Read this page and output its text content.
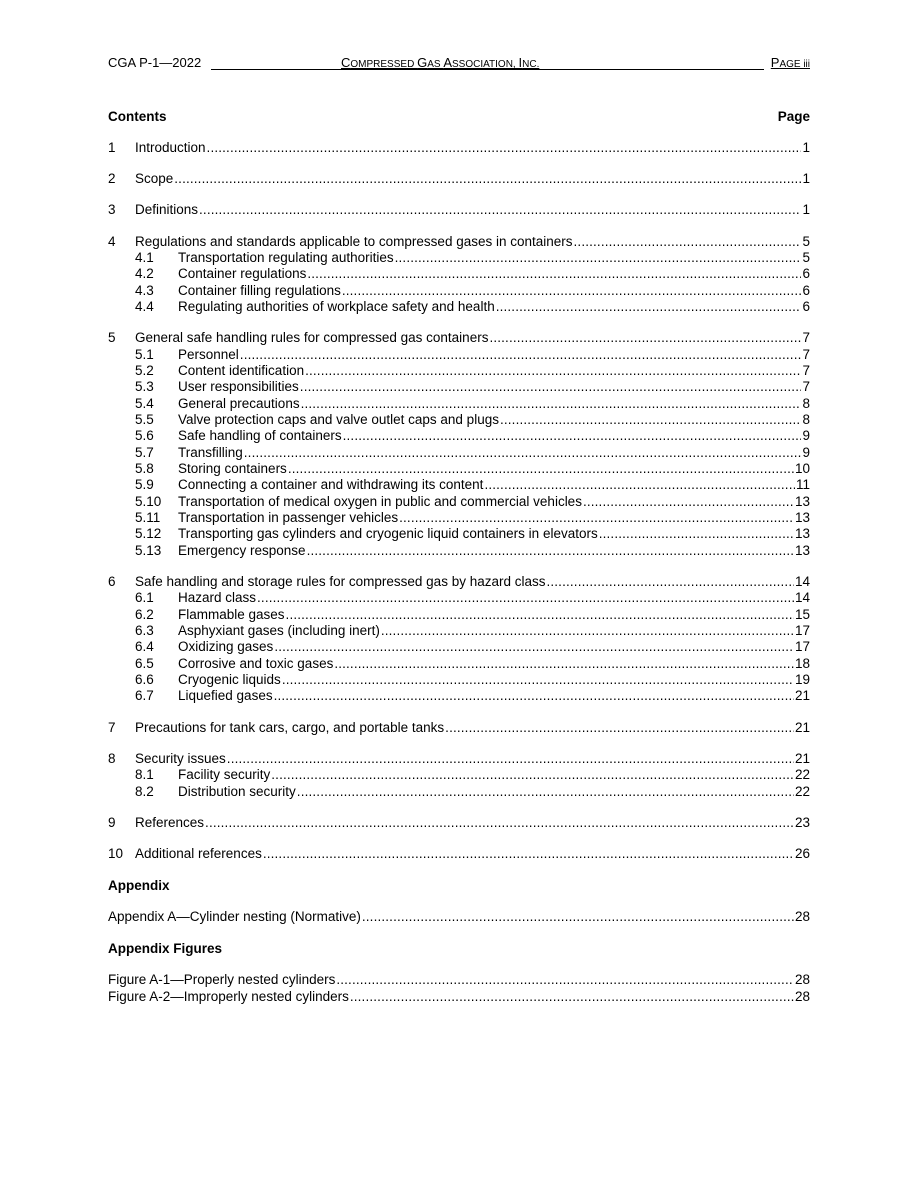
CGA P-1—2022	COMPRESSED GAS ASSOCIATION, INC.	PAGE iii
Contents	Page
1	Introduction .....	1
2	Scope .....	1
3	Definitions .....	1
4	Regulations and standards applicable to compressed gases in containers .....	5
4.1	Transportation regulating authorities .....	5
4.2	Container regulations .....	6
4.3	Container filling regulations .....	6
4.4	Regulating authorities of workplace safety and health .....	6
5	General safe handling rules for compressed gas containers .....	7
5.1	Personnel .....	7
5.2	Content identification .....	7
5.3	User responsibilities .....	7
5.4	General precautions .....	8
5.5	Valve protection caps and valve outlet caps and plugs .....	8
5.6	Safe handling of containers .....	9
5.7	Transfilling .....	9
5.8	Storing containers .....	10
5.9	Connecting a container and withdrawing its content .....	11
5.10	Transportation of medical oxygen in public and commercial vehicles .....	13
5.11	Transportation in passenger vehicles .....	13
5.12	Transporting gas cylinders and cryogenic liquid containers in elevators .....	13
5.13	Emergency response .....	13
6	Safe handling and storage rules for compressed gas by hazard class .....	14
6.1	Hazard class .....	14
6.2	Flammable gases .....	15
6.3	Asphyxiant gases (including inert) .....	17
6.4	Oxidizing gases .....	17
6.5	Corrosive and toxic gases .....	18
6.6	Cryogenic liquids .....	19
6.7	Liquefied gases .....	21
7	Precautions for tank cars, cargo, and portable tanks .....	21
8	Security issues .....	21
8.1	Facility security .....	22
8.2	Distribution security .....	22
9	References .....	23
10 Additional references .....	26
Appendix
Appendix A—Cylinder nesting (Normative) .....	28
Appendix Figures
Figure A-1—Properly nested cylinders .....	28
Figure A-2—Improperly nested cylinders .....	28
